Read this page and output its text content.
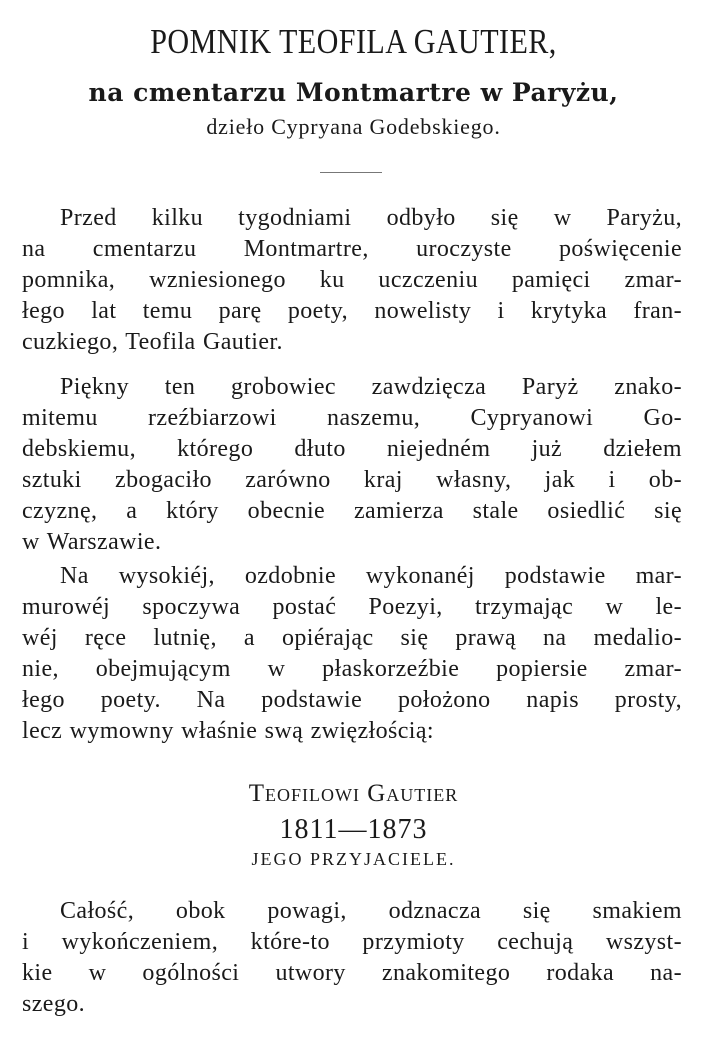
POMNIK TEOFILA GAUTIER,
na cmentarzu Montmartre w Paryżu,
dzieło Cypryana Godebskiego.
Przed kilku tygodniami odbyło się w Paryżu,
na cmentarzu Montmartre, uroczyste poświęcenie
pomnika, wzniesionego ku uczczeniu pamięci zmar-
łego lat temu parę poety, nowelisty i krytyka fran-
cuzkiego, Teofila Gautier.
Piękny ten grobowiec zawdzięcza Paryż znako-
mitemu rzeźbiarzowi naszemu, Cypryanowi Go-
debskiemu, którego dłuto niejedném już dziełem
sztuki zbogaciło zarówno kraj własny, jak i ob-
czyznę, a który obecnie zamierza stale osiedlić się
w Warszawie.
Na wysokiéj, ozdobnie wykonanéj podstawie mar-
murowéj spoczywa postać Poezyi, trzymając w le-
wéj ręce lutnię, a opiérając się prawą na medalio-
nie, obejmującym w płaskorzeźbie popiersie zmar-
łego poety. Na podstawie położono napis prosty,
lecz wymowny właśnie swą zwięzłością:
Teofilowi Gautier
1811—1873
JEGO PRZYJACIELE.
Całość, obok powagi, odznacza się smakiem
i wykończeniem, które-to przymioty cechują wszyst-
kie w ogólności utwory znakomitego rodaka na-
szego.
